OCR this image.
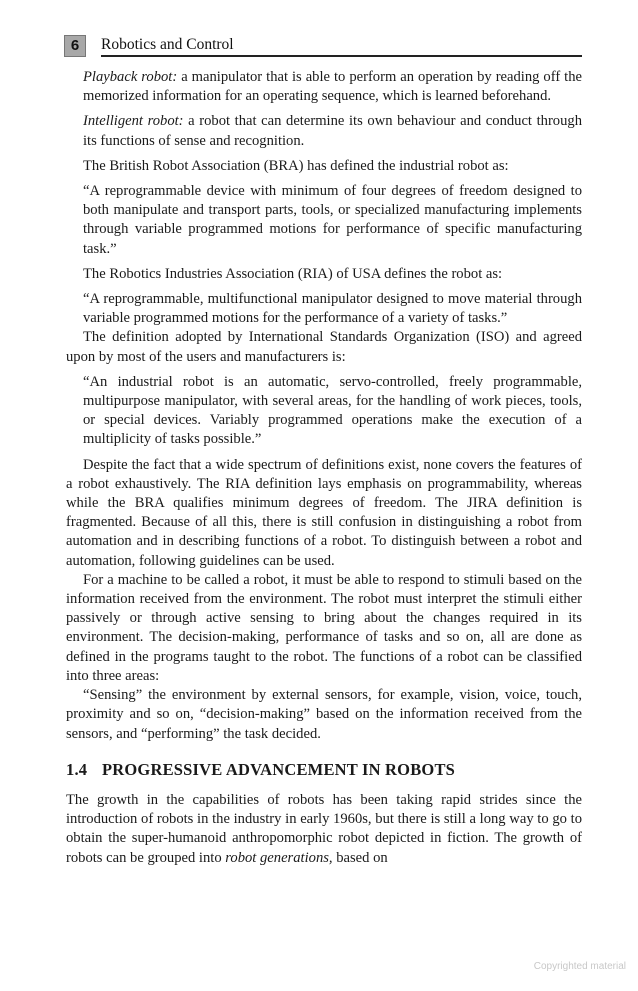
6	Robotics and Control

Playback robot: a manipulator that is able to perform an operation by reading off the memorized information for an operating sequence, which is learned beforehand.

Intelligent robot: a robot that can determine its own behaviour and conduct through its functions of sense and recognition.

The British Robot Association (BRA) has defined the industrial robot as:

“A reprogrammable device with minimum of four degrees of freedom designed to both manipulate and transport parts, tools, or specialized manufacturing implements through variable programmed motions for performance of specific manufacturing task.”

The Robotics Industries Association (RIA) of USA defines the robot as:

“A reprogrammable, multifunctional manipulator designed to move material through variable programmed motions for the performance of a variety of tasks.”

The definition adopted by International Standards Organization (ISO) and agreed upon by most of the users and manufacturers is:

“An industrial robot is an automatic, servo-controlled, freely programmable, multipurpose manipulator, with several areas, for the handling of work pieces, tools, or special devices. Variably programmed operations make the execution of a multiplicity of tasks possible.”

Despite the fact that a wide spectrum of definitions exist, none covers the features of a robot exhaustively. The RIA definition lays emphasis on programmability, whereas while the BRA qualifies minimum degrees of freedom. The JIRA definition is fragmented. Because of all this, there is still confusion in distinguishing a robot from automation and in describing functions of a robot. To distinguish between a robot and automation, following guidelines can be used.

For a machine to be called a robot, it must be able to respond to stimuli based on the information received from the environment. The robot must interpret the stimuli either passively or through active sensing to bring about the changes required in its environment. The decision-making, performance of tasks and so on, all are done as defined in the programs taught to the robot. The functions of a robot can be classified into three areas:

“Sensing” the environment by external sensors, for example, vision, voice, touch, proximity and so on, “decision-making” based on the information received from the sensors, and “performing” the task decided.

1.4 PROGRESSIVE ADVANCEMENT IN ROBOTS

The growth in the capabilities of robots has been taking rapid strides since the introduction of robots in the industry in early 1960s, but there is still a long way to go to obtain the super-humanoid anthropomorphic robot depicted in fiction. The growth of robots can be grouped into robot generations, based on

Copyrighted material
